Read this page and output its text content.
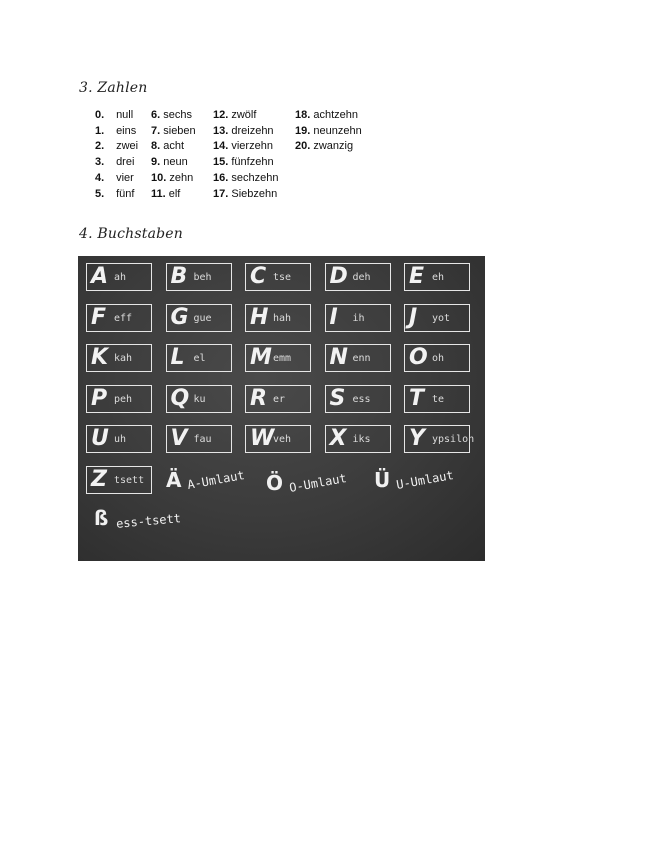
3. Zahlen
0. null
1. eins
2. zwei
3. drei
4. vier
5. fünf
6. sechs
7. sieben
8. acht
9. neun
10. zehn
11. elf
12. zwölf
13. dreizehn
14. vierzehn
15. fünfzehn
16. sechzehn
17. Siebzehn
18. achtzehn
19. neunzehn
20. zwanzig
4. Buchstaben
ß ess-tsett
A ah B beh C tse D deh E eh
F eff G gue H hah I ih J yot
K kah L el M emm N enn O oh
P peh Q ku R er S ess T te
U uh V fau W
veh X iks Y ypsilon
Z tsett Ä A-Umlaut Ö O-Umlaut Ü U-Umlaut
